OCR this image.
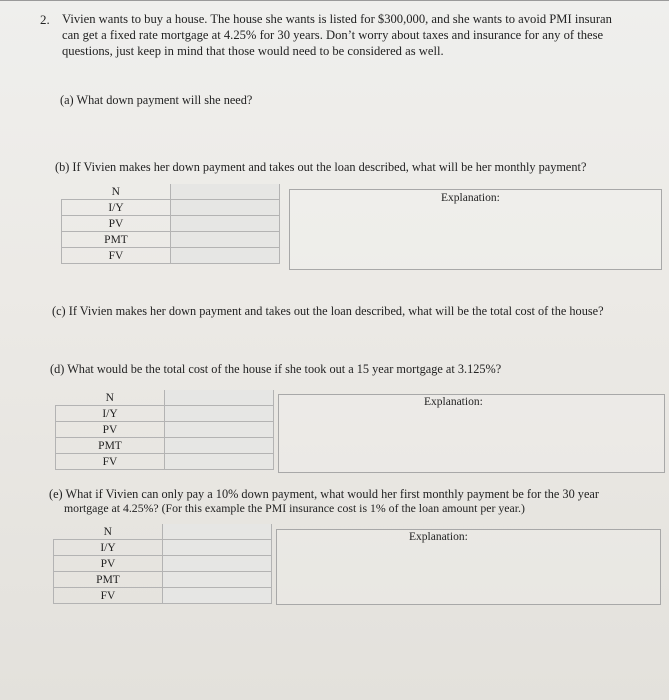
2. Vivien wants to buy a house. The house she wants is listed for $300,000, and she wants to avoid PMI insuran
can get a fixed rate mortgage at 4.25% for 30 years. Don’t worry about taxes and insurance for any of these
questions, just keep in mind that those would need to be considered as well.
(a) What down payment will she need?
(b) If Vivien makes her down payment and takes out the loan described, what will be her monthly payment?
N	
I/Y	
PV	
PMT	
FV	
Explanation:
(c) If Vivien makes her down payment and takes out the loan described, what will be the total cost of the house?
(d) What would be the total cost of the house if she took out a 15 year mortgage at 3.125%?
N	
I/Y	
PV	
PMT	
FV	
Explanation:
(e) What if Vivien can only pay a 10% down payment, what would her first monthly payment be for the 30 year
mortgage at 4.25%? (For this example the PMI insurance cost is 1% of the loan amount per year.)
N	
I/Y	
PV	
PMT	
FV	
Explanation:
